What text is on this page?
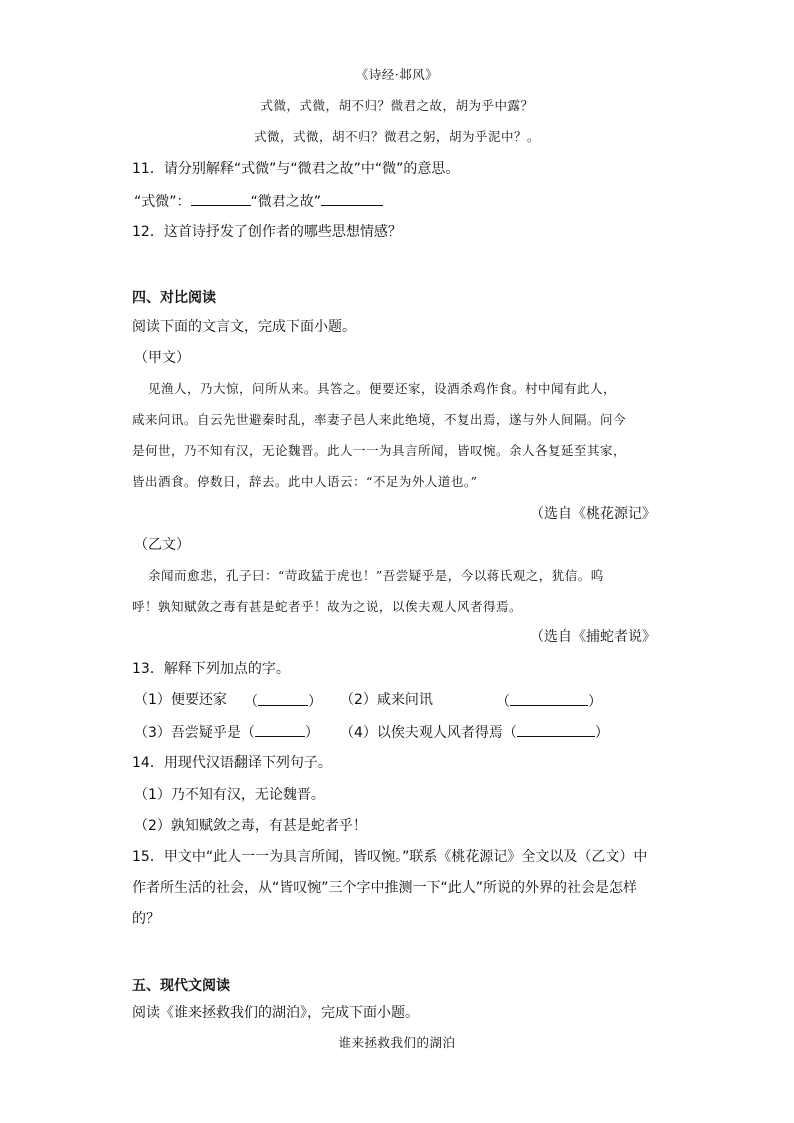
《诗经·邶风》
式微，式微，胡不归？微君之故，胡为乎中露？
式微，式微，胡不归？微君之躬，胡为乎泥中？。
11．请分别解释“式微”与“微君之故”中“微”的意思。
“式微”：	“微君之故”
12．这首诗抒发了创作者的哪些思想情感？
四、对比阅读
阅读下面的文言文，完成下面小题。
（甲文）
见渔人，乃大惊，问所从来。具答之。便要还家，设酒杀鸡作食。村中闻有此人，
咸来问讯。自云先世避秦时乱，率妻子邑人来此绝境，不复出焉，遂与外人间隔。问今
是何世，乃不知有汉，无论魏晋。此人一一为具言所闻，皆叹惋。余人各复延至其家，
皆出酒食。停数日，辞去。此中人语云：“不足为外人道也。”
（选自《桃花源记》
（乙文）
余闻而愈悲，孔子曰：“苛政猛于虎也！”吾尝疑乎是，今以蒋氏观之，犹信。呜
呼！孰知赋敛之毒有甚是蛇者乎！故为之说，以俟夫观人风者得焉。
（选自《捕蛇者说》
13．解释下列加点的字。
（1）便要还家 （	） （2）咸来问讯	（	）
（3）吾尝疑乎是（	） （4）以俟夫观人风者得焉（	）
14．用现代汉语翻译下列句子。
（1）乃不知有汉，无论魏晋。
（2）孰知赋敛之毒，有甚是蛇者乎！
15．甲文中“此人一一为具言所闻，皆叹惋。”联系《桃花源记》全文以及（乙文）中
作者所生活的社会，从“皆叹惋”三个字中推测一下“此人”所说的外界的社会是怎样
的？
五、现代文阅读
阅读《谁来拯救我们的湖泊》，完成下面小题。
谁来拯救我们的湖泊
